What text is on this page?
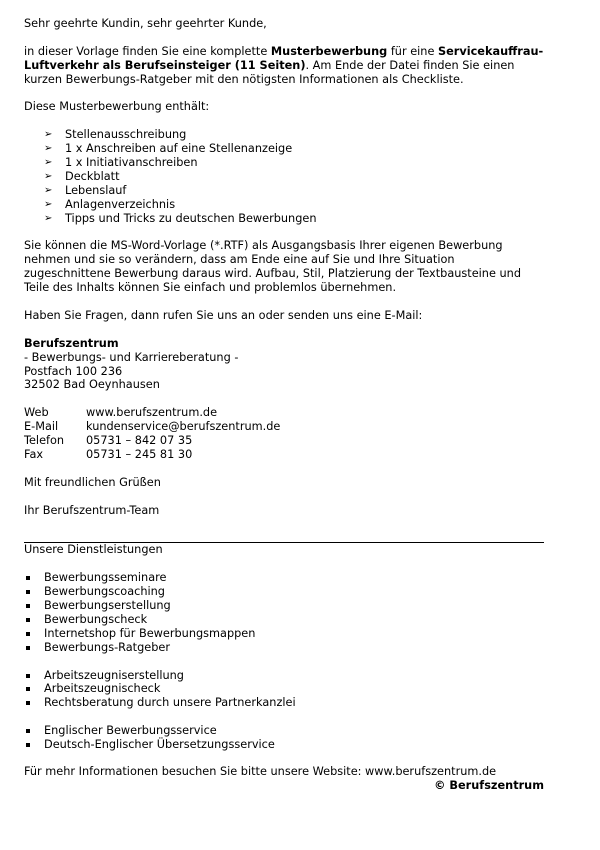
Sehr geehrte Kundin, sehr geehrter Kunde,

in dieser Vorlage finden Sie eine komplette Musterbewerbung für eine Servicekauffrau-Luftverkehr als Berufseinsteiger (11 Seiten). Am Ende der Datei finden Sie einen kurzen Bewerbungs-Ratgeber mit den nötigsten Informationen als Checkliste.

Diese Musterbewerbung enthält:

➢ Stellenausschreibung
➢ 1 x Anschreiben auf eine Stellenanzeige
➢ 1 x Initiativanschreiben
➢ Deckblatt
➢ Lebenslauf
➢ Anlagenverzeichnis
➢ Tipps und Tricks zu deutschen Bewerbungen

Sie können die MS-Word-Vorlage (*.RTF) als Ausgangsbasis Ihrer eigenen Bewerbung nehmen und sie so verändern, dass am Ende eine auf Sie und Ihre Situation zugeschnittene Bewerbung daraus wird. Aufbau, Stil, Platzierung der Textbausteine und Teile des Inhalts können Sie einfach und problemlos übernehmen.

Haben Sie Fragen, dann rufen Sie uns an oder senden uns eine E-Mail:

Berufszentrum

- Bewerbungs- und Karriereberatung -

Postfach 100 236

32502 Bad Oeynhausen

Web	www.berufszentrum.de
E-Mail	kundenservice@berufszentrum.de
Telefon	05731 – 842 07 35
Fax	05731 – 245 81 30

Mit freundlichen Grüßen

Ihr Berufszentrum-Team

Unsere Dienstleistungen

Bewerbungsseminare
Bewerbungscoaching
Bewerbungserstellung
Bewerbungscheck
Internetshop für Bewerbungsmappen
Bewerbungs-Ratgeber
Arbeitszeugniserstellung
Arbeitszeugnischeck
Rechtsberatung durch unsere Partnerkanzlei
Englischer Bewerbungsservice
Deutsch-Englischer Übersetzungsservice

Für mehr Informationen besuchen Sie bitte unsere Website: www.berufszentrum.de

© Berufszentrum
